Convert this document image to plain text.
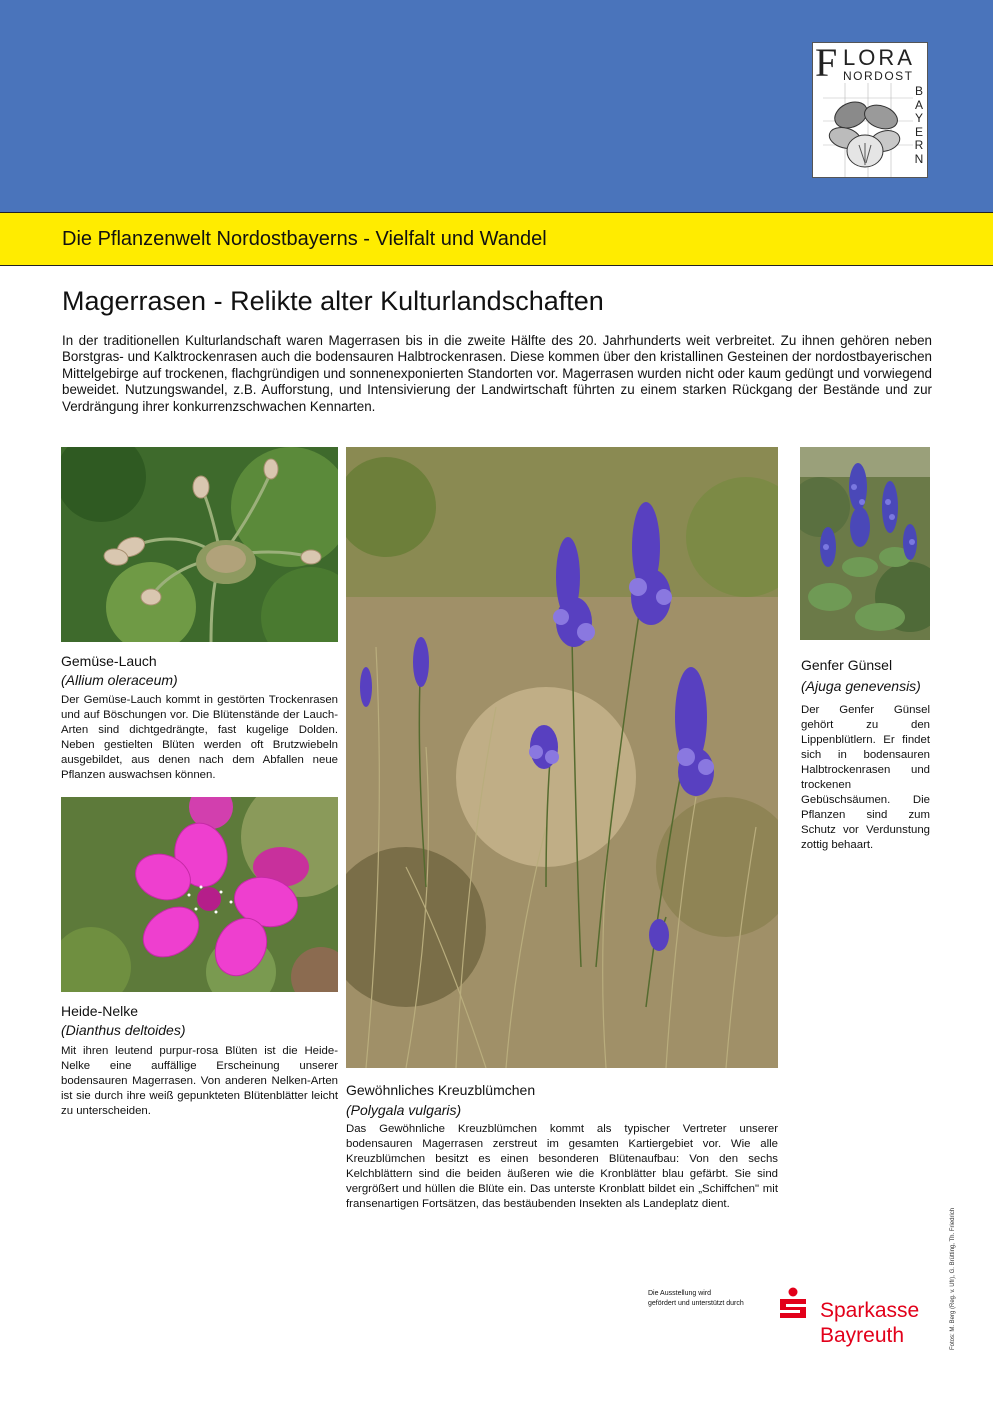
F LORA
NORDOST
B
A
Y
E
R
N
Die Pflanzenwelt Nordostbayerns - Vielfalt und Wandel
Magerrasen - Relikte alter Kulturlandschaften
In der traditionellen Kulturlandschaft waren Magerrasen bis in die zweite Hälfte des 20. Jahrhunderts weit verbreitet. Zu ihnen gehören neben Borstgras- und Kalktrockenrasen auch die bodensauren Halbtrockenrasen. Diese kommen über den kristallinen Gesteinen der nordostbayerischen Mittelgebirge auf trockenen, flachgründigen und sonnenexponierten Standorten vor. Magerrasen wurden nicht oder kaum gedüngt und vorwiegend beweidet. Nutzungswandel, z.B. Aufforstung, und Intensivierung der Landwirtschaft führten zu einem starken Rückgang der Bestände und zur Verdrängung ihrer konkurrenzschwachen Kennarten.
Gemüse-Lauch
(Allium oleraceum)
Der Gemüse-Lauch kommt in gestörten Trockenrasen und auf Böschungen vor. Die Blütenstände der Lauch-Arten sind dichtgedrängte, fast kugelige Dolden. Neben gestielten Blüten werden oft Brutzwiebeln ausgebildet, aus denen nach dem Abfallen neue Pflanzen auswachsen können.
Heide-Nelke
(Dianthus deltoides)
Mit ihren leutend purpur-rosa Blüten ist die Heide-Nelke eine auffällige Erscheinung unserer bodensauren Magerrasen. Von anderen Nelken-Arten ist sie durch ihre weiß gepunkteten Blütenblätter leicht zu unterscheiden.
Gewöhnliches Kreuzblümchen
(Polygala vulgaris)
Das Gewöhnliche Kreuzblümchen kommt als typischer Vertreter unserer bodensauren Magerrasen zerstreut im gesamten Kartiergebiet vor. Wie alle Kreuzblümchen besitzt es einen besonderen Blütenaufbau: Von den sechs Kelchblättern sind die beiden äußeren wie die Kronblätter blau gefärbt. Sie sind vergrößert und hüllen die Blüte ein. Das unterste Kronblatt bildet ein „Schiffchen" mit fransenartigen Fortsätzen, das bestäubenden Insekten als Landeplatz dient.
Genfer Günsel
(Ajuga genevensis)
Der Genfer Günsel gehört zu den Lippenblütlern. Er findet sich in bodensauren Halbtrockenrasen und trockenen Gebüschsäumen. Die Pflanzen sind zum Schutz vor Verdunstung zottig behaart.
Die Ausstellung wird
gefördert und unterstützt durch	Sparkasse
Bayreuth	Fotos: M. Berg (Reg. v. Ufr), G. Brütting, Th. Friedrich
